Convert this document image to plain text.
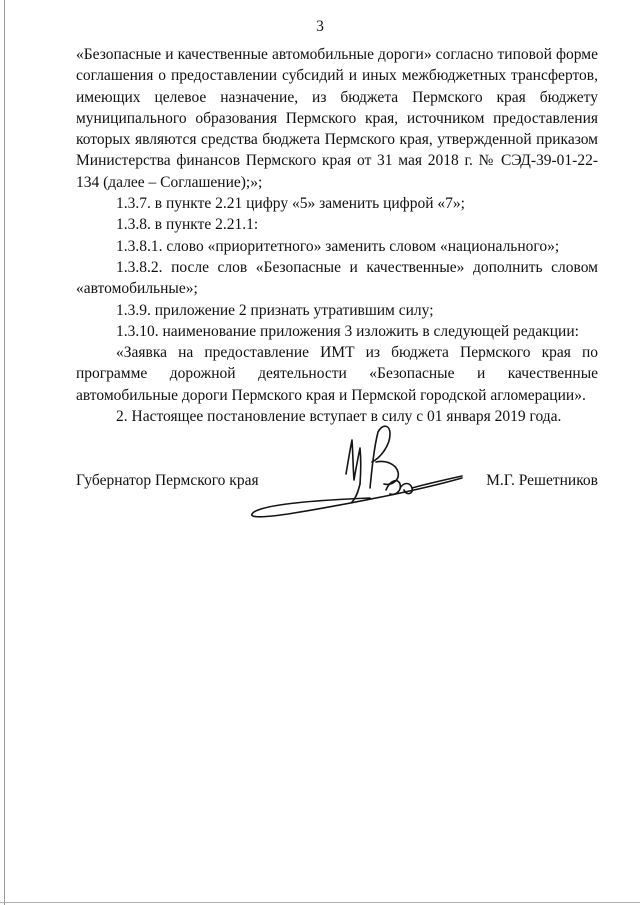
3

«Безопасные и качественные автомобильные дороги» согласно типовой форме соглашения о предоставлении субсидий и иных межбюджетных трансфертов, имеющих целевое назначение, из бюджета Пермского края бюджету муниципального образования Пермского края, источником предоставления которых являются средства бюджета Пермского края, утвержденной приказом Министерства финансов Пермского края от 31 мая 2018 г. № СЭД-39-01-22-134 (далее – Соглашение);»;

1.3.7. в пункте 2.21 цифру «5» заменить цифрой «7»;

1.3.8. в пункте 2.21.1:

1.3.8.1. слово «приоритетного» заменить словом «национального»;

1.3.8.2. после слов «Безопасные и качественные» дополнить словом «автомобильные»;

1.3.9. приложение 2 признать утратившим силу;

1.3.10. наименование приложения 3 изложить в следующей редакции:

«Заявка на предоставление ИМТ из бюджета Пермского края по программе дорожной деятельности «Безопасные и качественные автомобильные дороги Пермского края и Пермской городской агломерации».

2. Настоящее постановление вступает в силу с 01 января 2019 года.

Губернатор Пермского края	М.Г. Решетников
